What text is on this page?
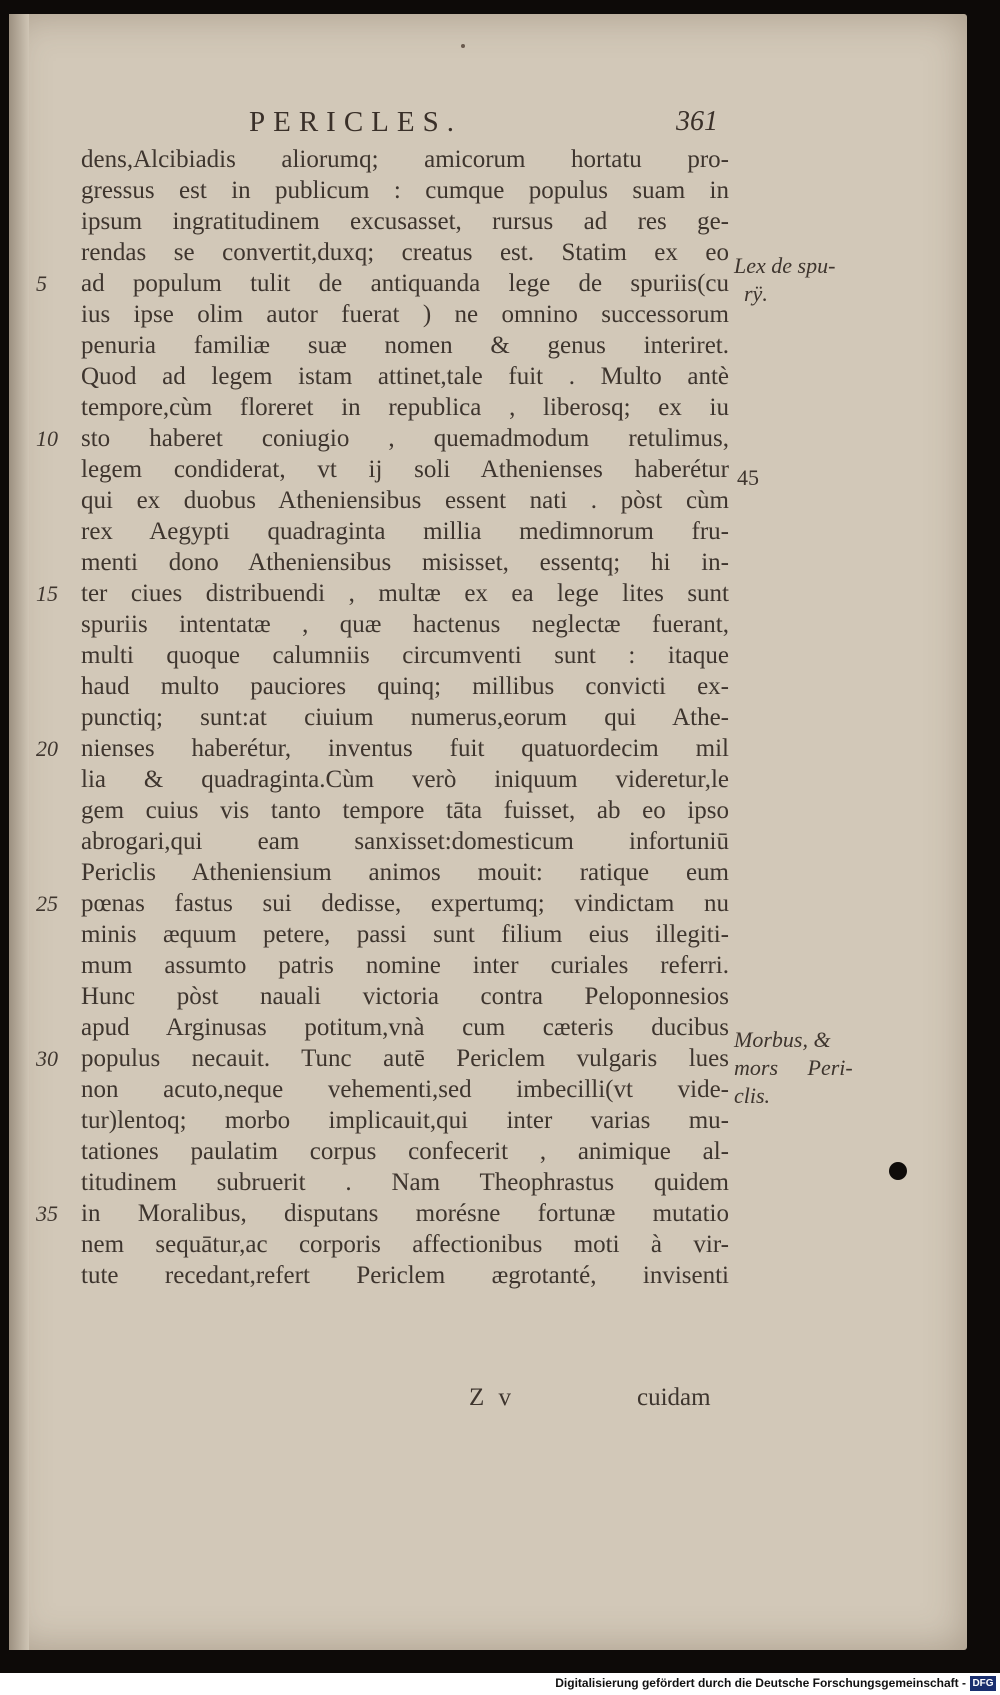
PERICLES.	361
dens,Alcibiadis aliorumq; amicorum hortatu pro-
gressus est in publicum : cumque populus suam in
ipsum ingratitudinem excusasset, rursus ad res ge-
rendas se convertit,duxq; creatus est. Statim ex eo
ad populum tulit de antiquanda lege de spuriis(cu
ius ipse olim autor fuerat ) ne omnino successorum
penuria familiæ suæ nomen & genus interiret.
Quod ad legem istam attinet,tale fuit . Multo antè
tempore,cùm floreret in republica , liberosq; ex iu
sto haberet coniugio , quemadmodum retulimus,
legem condiderat, vt ij soli Athenienses haberétur
qui ex duobus Atheniensibus essent nati . pòst cùm
rex Aegypti quadraginta millia medimnorum fru-
menti dono Atheniensibus misisset, essentq; hi in-
ter ciues distribuendi , multæ ex ea lege lites sunt
spuriis intentatæ , quæ hactenus neglectæ fuerant,
multi quoque calumniis circumventi sunt : itaque
haud multo pauciores quinq; millibus convicti ex-
punctiq; sunt:at ciuium numerus,eorum qui Athe-
nienses haberétur, inventus fuit quatuordecim mil
lia & quadraginta.Cùm verò iniquum videretur,le
gem cuius vis tanto tempore tāta fuisset, ab eo ipso
abrogari,qui eam sanxisset:domesticum infortuniū
Periclis Atheniensium animos mouit: ratique eum
pœnas fastus sui dedisse, expertumq; vindictam nu
minis æquum petere, passi sunt filium eius illegiti-
mum assumto patris nomine inter curiales referri.
Hunc pòst nauali victoria contra Peloponnesios
apud Arginusas potitum,vnà cum cæteris ducibus
populus necauit. Tunc autē Periclem vulgaris lues
non acuto,neque vehementi,sed imbecilli(vt vide-
tur)lentoq; morbo implicauit,qui inter varias mu-
tationes paulatim corpus confecerit , animique al-
titudinem subruerit . Nam Theophrastus quidem
in Moralibus, disputans morésne fortunæ mutatio
nem sequātur,ac corporis affectionibus moti à vir-
tute recedant,refert Periclem ægrotanté, invisenti
5
10
15
20
25
30
35
Lex de spu-
rÿ.
45
Morbus, &
mors Peri-
clis.
Z v	cuidam
Digitalisierung gefördert durch die Deutsche Forschungsgemeinschaft - DFG
